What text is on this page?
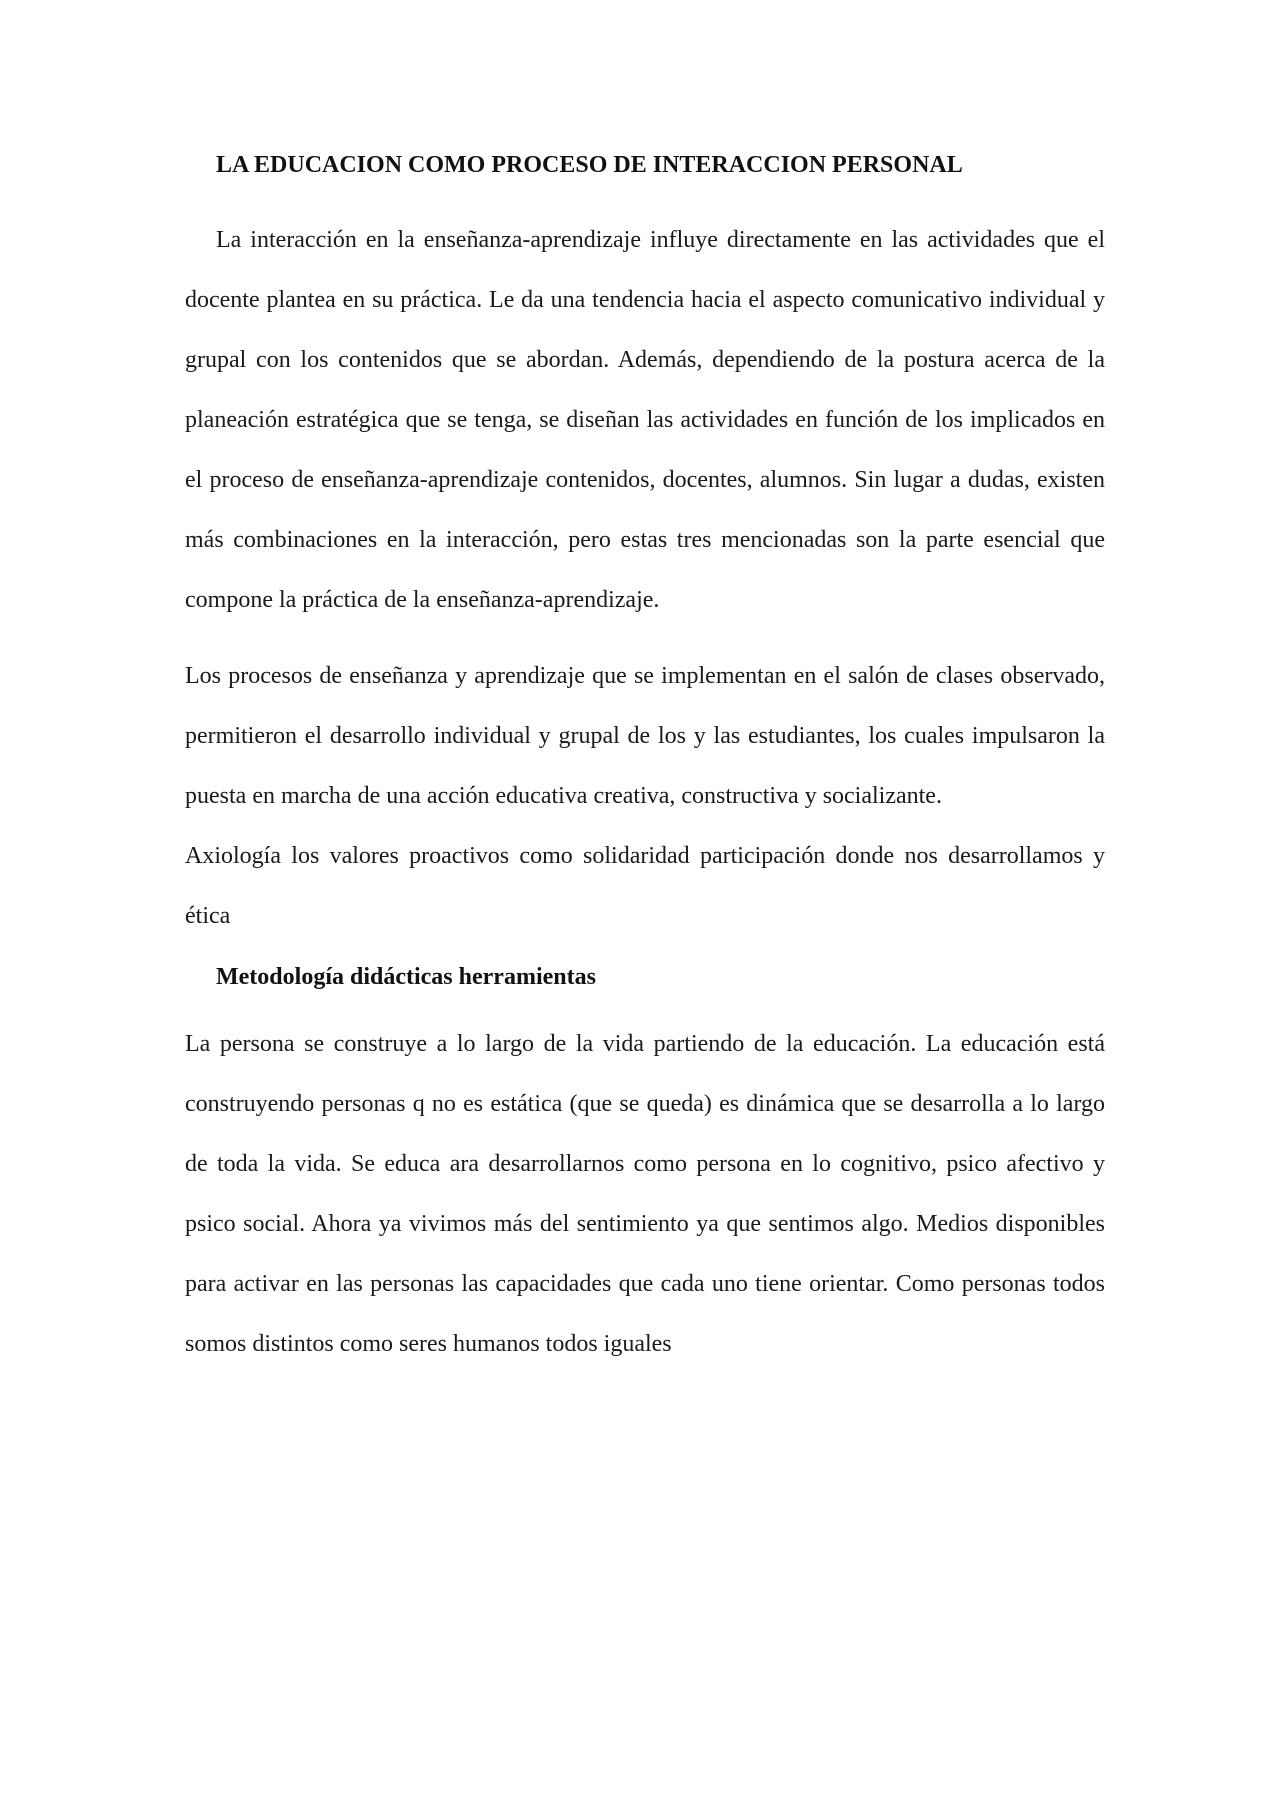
LA EDUCACION COMO PROCESO DE INTERACCION PERSONAL

La interacción en la enseñanza-aprendizaje influye directamente en las actividades que el docente plantea en su práctica. Le da una tendencia hacia el aspecto comunicativo individual y grupal con los contenidos que se abordan. Además, dependiendo de la postura acerca de la planeación estratégica que se tenga, se diseñan las actividades en función de los implicados en el proceso de enseñanza-aprendizaje contenidos, docentes, alumnos. Sin lugar a dudas, existen más combinaciones en la interacción, pero estas tres mencionadas son la parte esencial que compone la práctica de la enseñanza-aprendizaje.

Los procesos de enseñanza y aprendizaje que se implementan en el salón de clases observado, permitieron el desarrollo individual y grupal de los y las estudiantes, los cuales impulsaron la puesta en marcha de una acción educativa creativa, constructiva y socializante.

Axiología los valores proactivos como solidaridad participación donde nos desarrollamos y ética

Metodología didácticas herramientas

La persona se construye a lo largo de la vida partiendo de la educación. La educación está construyendo personas q no es estática (que se queda) es dinámica que se desarrolla a lo largo de toda la vida. Se educa ara desarrollarnos como persona en lo cognitivo, psico afectivo y psico social. Ahora ya vivimos más del sentimiento ya que sentimos algo. Medios disponibles para activar en las personas las capacidades que cada uno tiene orientar. Como personas todos somos distintos como seres humanos todos iguales
